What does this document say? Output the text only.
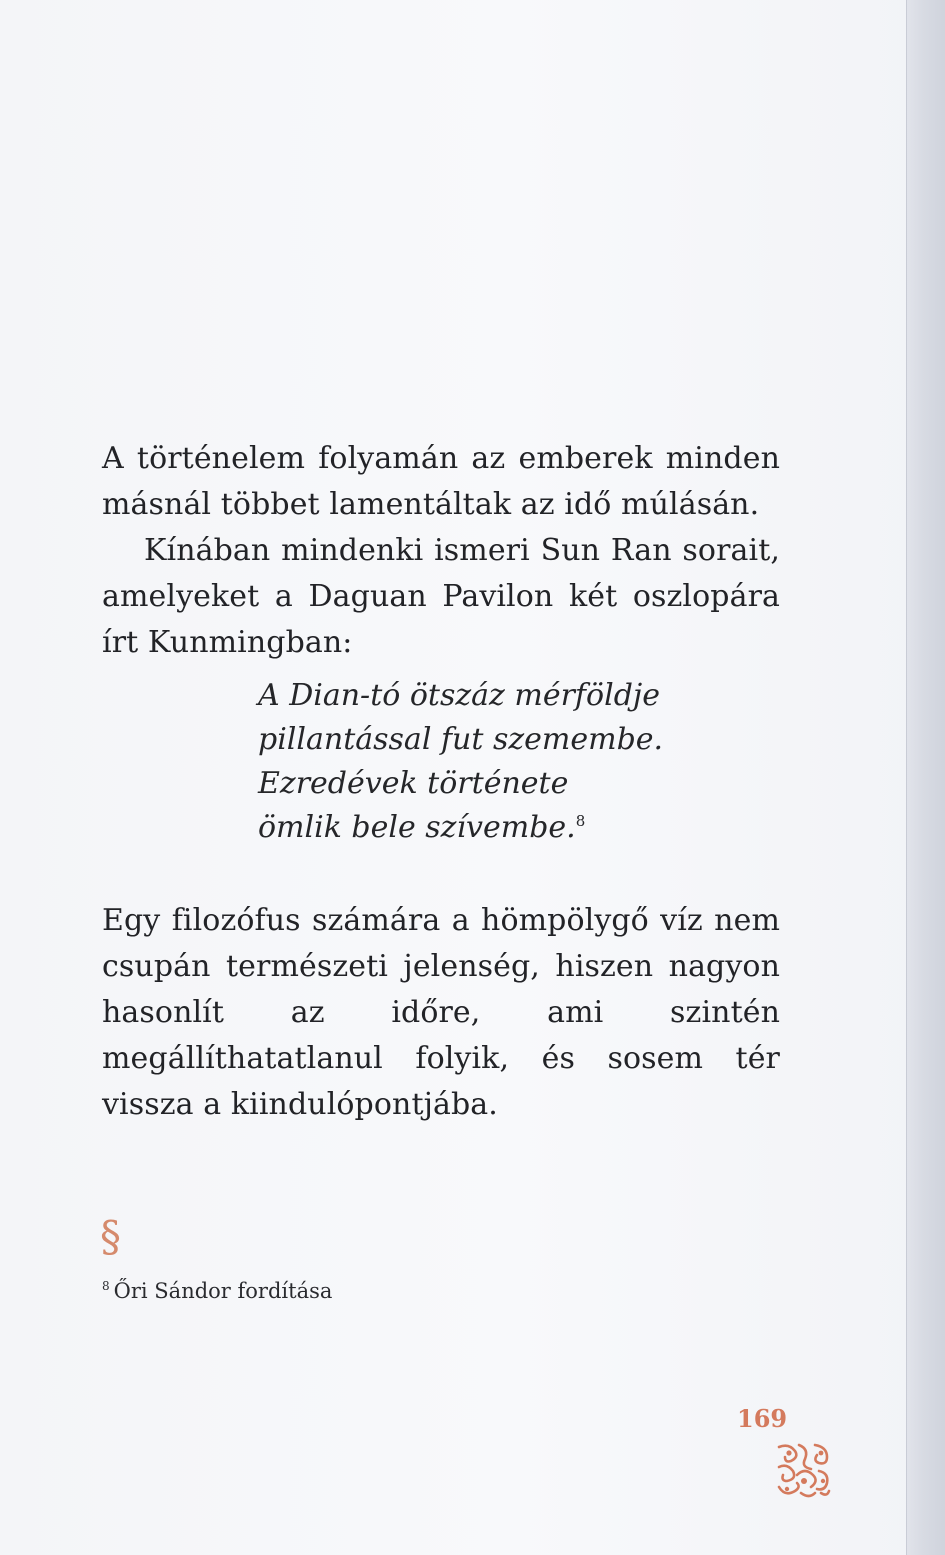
A történelem folyamán az emberek minden másnál többet lamentáltak az idő múlásán.

Kínában mindenki ismeri Sun Ran sorait, amelyeket a Daguan Pavilon két oszlopára írt Kunmingban:

A Dian-tó ötszáz mérföldje
pillantással fut szemembe.
Ezredévek története
ömlik bele szívembe.$^8$

Egy filozófus számára a hömpölygő víz nem csupán természeti jelenség, hiszen nagyon hasonlít az időre, ami szintén megállíthatatlanul folyik, és sosem tér vissza a kiindulópontjába.

§
$^8$ Őri Sándor fordítása
169
